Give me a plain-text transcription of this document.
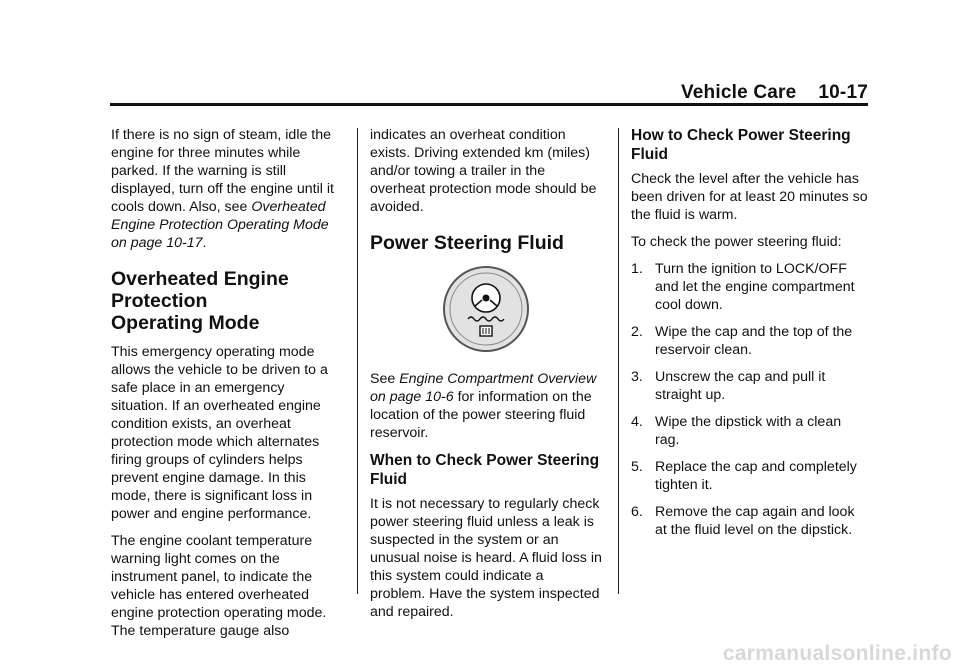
Vehicle Care 10-17

If there is no sign of steam, idle the engine for three minutes while parked. If the warning is still displayed, turn off the engine until it cools down. Also, see Overheated Engine Protection Operating Mode on page 10-17.

Overheated Engine
Protection
Operating Mode

This emergency operating mode allows the vehicle to be driven to a safe place in an emergency situation. If an overheated engine condition exists, an overheat protection mode which alternates firing groups of cylinders helps prevent engine damage. In this mode, there is significant loss in power and engine performance.

The engine coolant temperature warning light comes on the instrument panel, to indicate the vehicle has entered overheated engine protection operating mode. The temperature gauge also

indicates an overheat condition exists. Driving extended km (miles) and/or towing a trailer in the overheat protection mode should be avoided.

Power Steering Fluid

See Engine Compartment Overview on page 10-6 for information on the location of the power steering fluid reservoir.

When to Check Power Steering Fluid

It is not necessary to regularly check power steering fluid unless a leak is suspected in the system or an unusual noise is heard. A fluid loss in this system could indicate a problem. Have the system inspected and repaired.

How to Check Power Steering Fluid

Check the level after the vehicle has been driven for at least 20 minutes so the fluid is warm.

To check the power steering fluid:

1. Turn the ignition to LOCK/OFF and let the engine compartment cool down.
2. Wipe the cap and the top of the reservoir clean.
3. Unscrew the cap and pull it straight up.
4. Wipe the dipstick with a clean rag.
5. Replace the cap and completely tighten it.
6. Remove the cap again and look at the fluid level on the dipstick.
carmanualsonline.info
